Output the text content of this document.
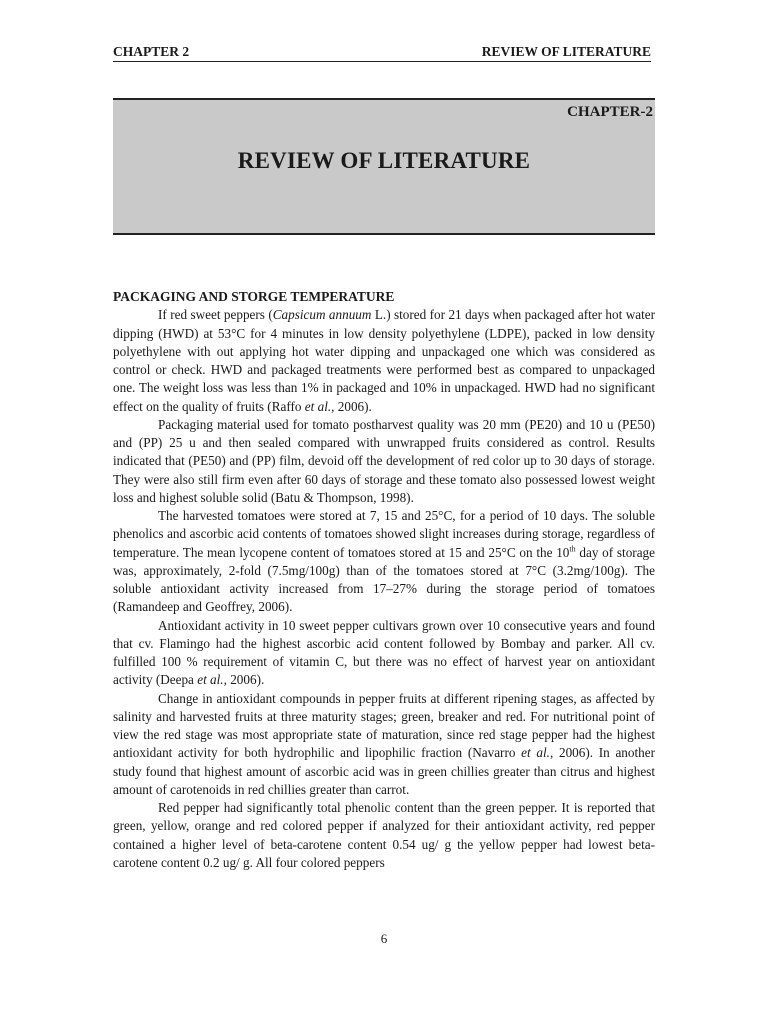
CHAPTER 2	REVIEW OF LITERATURE
CHAPTER-2
REVIEW OF LITERATURE

PACKAGING AND STORGE TEMPERATURE

If red sweet peppers (Capsicum annuum L.) stored for 21 days when packaged after hot water dipping (HWD) at 53°C for 4 minutes in low density polyethylene (LDPE), packed in low density polyethylene with out applying hot water dipping and unpackaged one which was considered as control or check. HWD and packaged treatments were performed best as compared to unpackaged one. The weight loss was less than 1% in packaged and 10% in unpackaged. HWD had no significant effect on the quality of fruits (Raffo et al., 2006).

Packaging material used for tomato postharvest quality was 20 mm (PE20) and 10 u (PE50) and (PP) 25 u and then sealed compared with unwrapped fruits considered as control. Results indicated that (PE50) and (PP) film, devoid off the development of red color up to 30 days of storage. They were also still firm even after 60 days of storage and these tomato also possessed lowest weight loss and highest soluble solid (Batu & Thompson, 1998).

The harvested tomatoes were stored at 7, 15 and 25°C, for a period of 10 days. The soluble phenolics and ascorbic acid contents of tomatoes showed slight increases during storage, regardless of temperature. The mean lycopene content of tomatoes stored at 15 and 25°C on the 10th day of storage was, approximately, 2-fold (7.5mg/100g) than of the tomatoes stored at 7°C (3.2mg/100g). The soluble antioxidant activity increased from 17–27% during the storage period of tomatoes (Ramandeep and Geoffrey, 2006).

Antioxidant activity in 10 sweet pepper cultivars grown over 10 consecutive years and found that cv. Flamingo had the highest ascorbic acid content followed by Bombay and parker. All cv. fulfilled 100 % requirement of vitamin C, but there was no effect of harvest year on antioxidant activity (Deepa et al., 2006).

Change in antioxidant compounds in pepper fruits at different ripening stages, as affected by salinity and harvested fruits at three maturity stages; green, breaker and red. For nutritional point of view the red stage was most appropriate state of maturation, since red stage pepper had the highest antioxidant activity for both hydrophilic and lipophilic fraction (Navarro et al., 2006). In another study found that highest amount of ascorbic acid was in green chillies greater than citrus and highest amount of carotenoids in red chillies greater than carrot.

Red pepper had significantly total phenolic content than the green pepper. It is reported that green, yellow, orange and red colored pepper if analyzed for their antioxidant activity, red pepper contained a higher level of beta-carotene content 0.54 ug/ g the yellow pepper had lowest beta-carotene content 0.2 ug/ g. All four colored peppers

6
